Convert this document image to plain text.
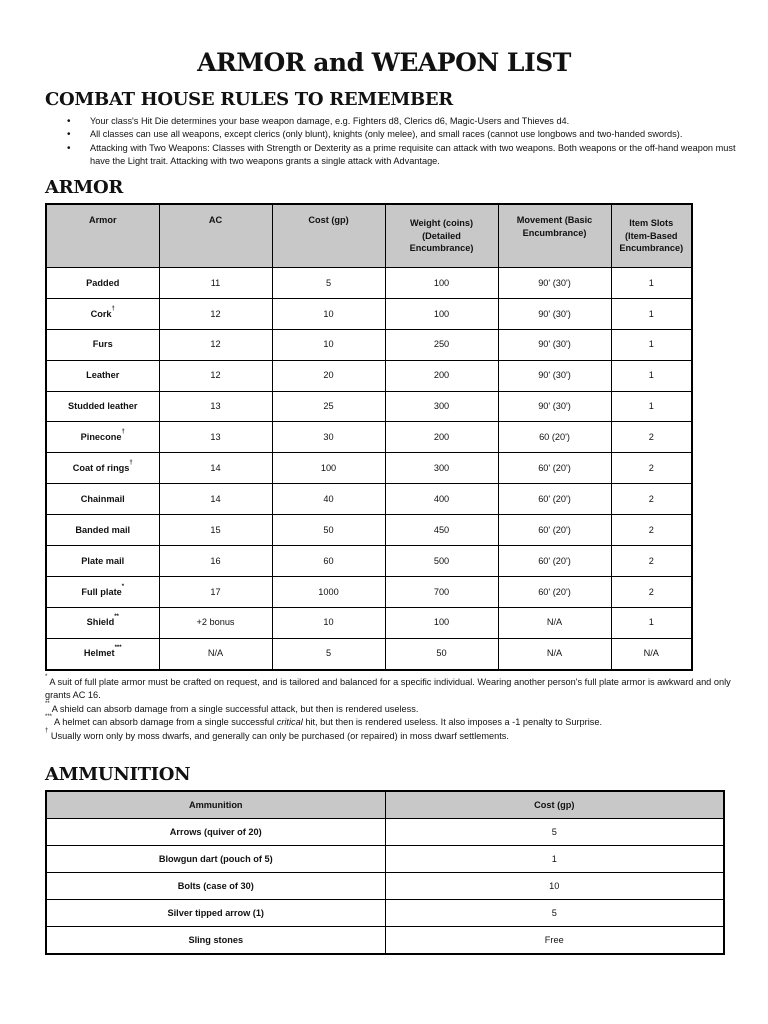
ARMOR and WEAPON LIST
COMBAT HOUSE RULES TO REMEMBER
• Your class's Hit Die determines your base weapon damage, e.g. Fighters d8, Clerics d6, Magic-Users and Thieves d4.
• All classes can use all weapons, except clerics (only blunt), knights (only melee), and small races (cannot use longbows and two-handed swords).
• Attacking with Two Weapons: Classes with Strength or Dexterity as a prime requisite can attack with two weapons. Both weapons or the off-hand weapon must have the Light trait. Attacking with two weapons grants a single attack with Advantage.
ARMOR
Armor	AC	Cost (gp)	Weight (coins) (Detailed Encumbrance)	Movement (Basic Encumbrance)	Item Slots (Item-Based Encumbrance)
Padded	11	5	100	90' (30')	1
Cork†	12	10	100	90' (30')	1
Furs	12	10	250	90' (30')	1
Leather	12	20	200	90' (30')	1
Studded leather	13	25	300	90' (30')	1
Pinecone†	13	30	200	60 (20')	2
Coat of rings†	14	100	300	60' (20')	2
Chainmail	14	40	400	60' (20')	2
Banded mail	15	50	450	60' (20')	2
Plate mail	16	60	500	60' (20')	2
Full plate*	17	1000	700	60' (20')	2
Shield**	+2 bonus	10	100	N/A	1
Helmet***	N/A	5	50	N/A	N/A

* A suit of full plate armor must be crafted on request, and is tailored and balanced for a specific individual. Wearing another person's full plate armor is awkward and only grants AC 16.

** A shield can absorb damage from a single successful attack, but then is rendered useless.

*** A helmet can absorb damage from a single successful critical hit, but then is rendered useless. It also imposes a -1 penalty to Surprise.

† Usually worn only by moss dwarfs, and generally can only be purchased (or repaired) in moss dwarf settlements.

AMMUNITION
Ammunition	Cost (gp)
Arrows (quiver of 20)	5
Blowgun dart (pouch of 5)	1
Bolts (case of 30)	10
Silver tipped arrow (1)	5
Sling stones	Free
